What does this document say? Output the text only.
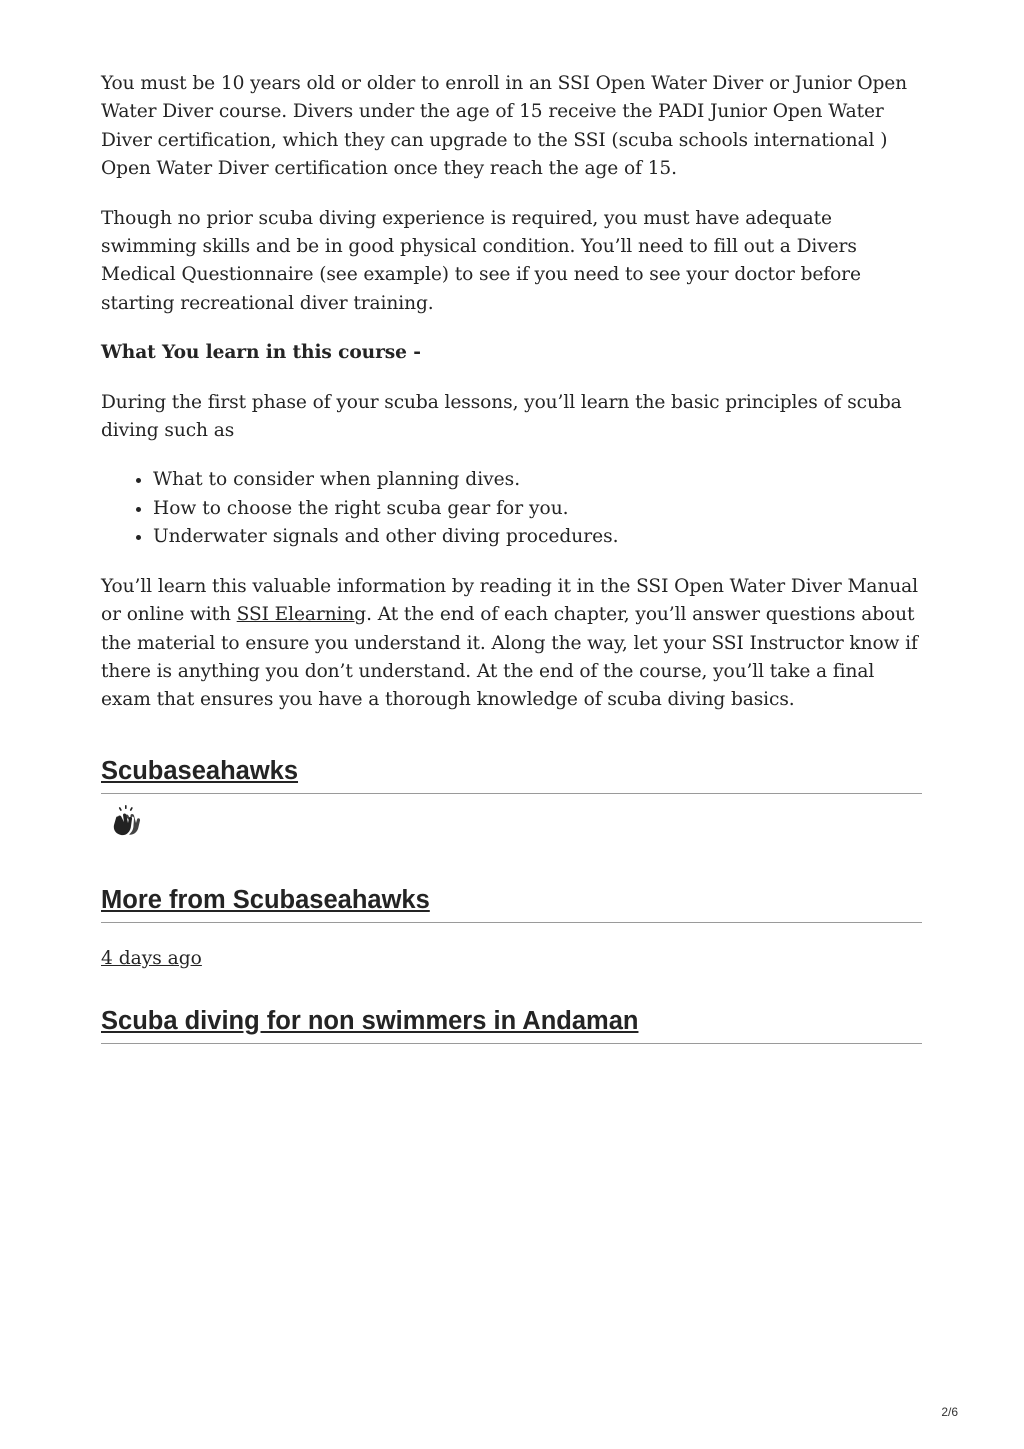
You must be 10 years old or older to enroll in an SSI Open Water Diver or Junior Open Water Diver course. Divers under the age of 15 receive the PADI Junior Open Water Diver certification, which they can upgrade to the SSI (scuba schools international ) Open Water Diver certification once they reach the age of 15.

Though no prior scuba diving experience is required, you must have adequate swimming skills and be in good physical condition. You’ll need to fill out a Divers Medical Questionnaire (see example) to see if you need to see your doctor before starting recreational diver training.

What You learn in this course -

During the first phase of your scuba lessons, you’ll learn the basic principles of scuba diving such as

• What to consider when planning dives.
• How to choose the right scuba gear for you.
• Underwater signals and other diving procedures.

You’ll learn this valuable information by reading it in the SSI Open Water Diver Manual or online with SSI Elearning. At the end of each chapter, you’ll answer questions about the material to ensure you understand it. Along the way, let your SSI Instructor know if there is anything you don’t understand. At the end of the course, you’ll take a final exam that ensures you have a thorough knowledge of scuba diving basics.

Scubaseahawks
More from Scubaseahawks
4 days ago
Scuba diving for non swimmers in Andaman
2/6
